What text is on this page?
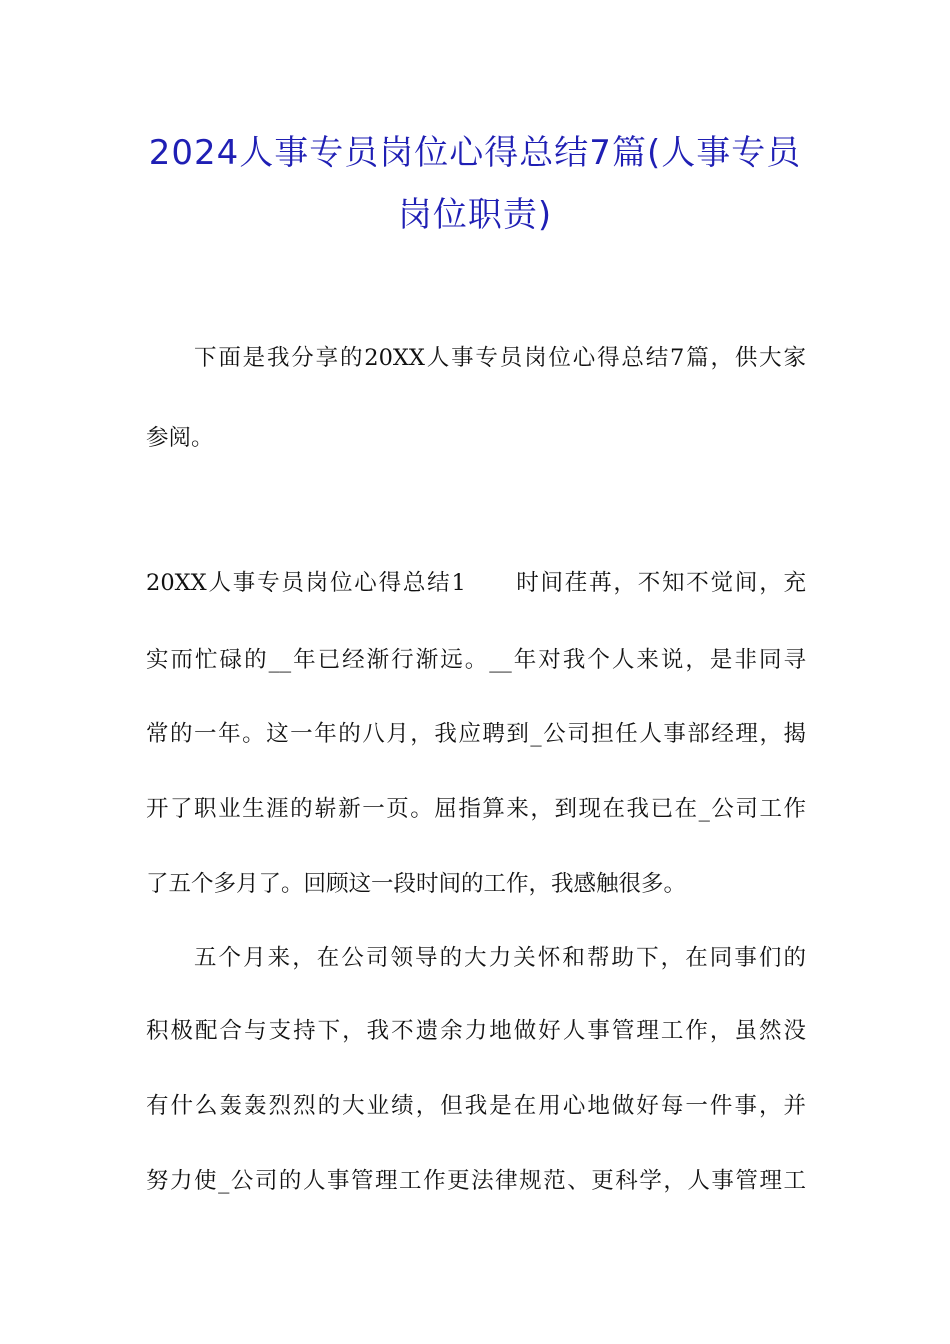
2024人事专员岗位心得总结7篇(人事专员
岗位职责)
下面是我分享的20XX人事专员岗位心得总结7篇，供大家
参阅。
20XX人事专员岗位心得总结1　　时间荏苒，不知不觉间，充
实而忙碌的__年已经渐行渐远。__年对我个人来说，是非同寻
常的一年。这一年的八月，我应聘到_公司担任人事部经理，揭
开了职业生涯的崭新一页。屈指算来，到现在我已在_公司工作
了五个多月了。回顾这一段时间的工作，我感触很多。
五个月来，在公司领导的大力关怀和帮助下，在同事们的
积极配合与支持下，我不遗余力地做好人事管理工作，虽然没
有什么轰轰烈烈的大业绩，但我是在用心地做好每一件事，并
努力使_公司的人事管理工作更法律规范、更科学，人事管理工
